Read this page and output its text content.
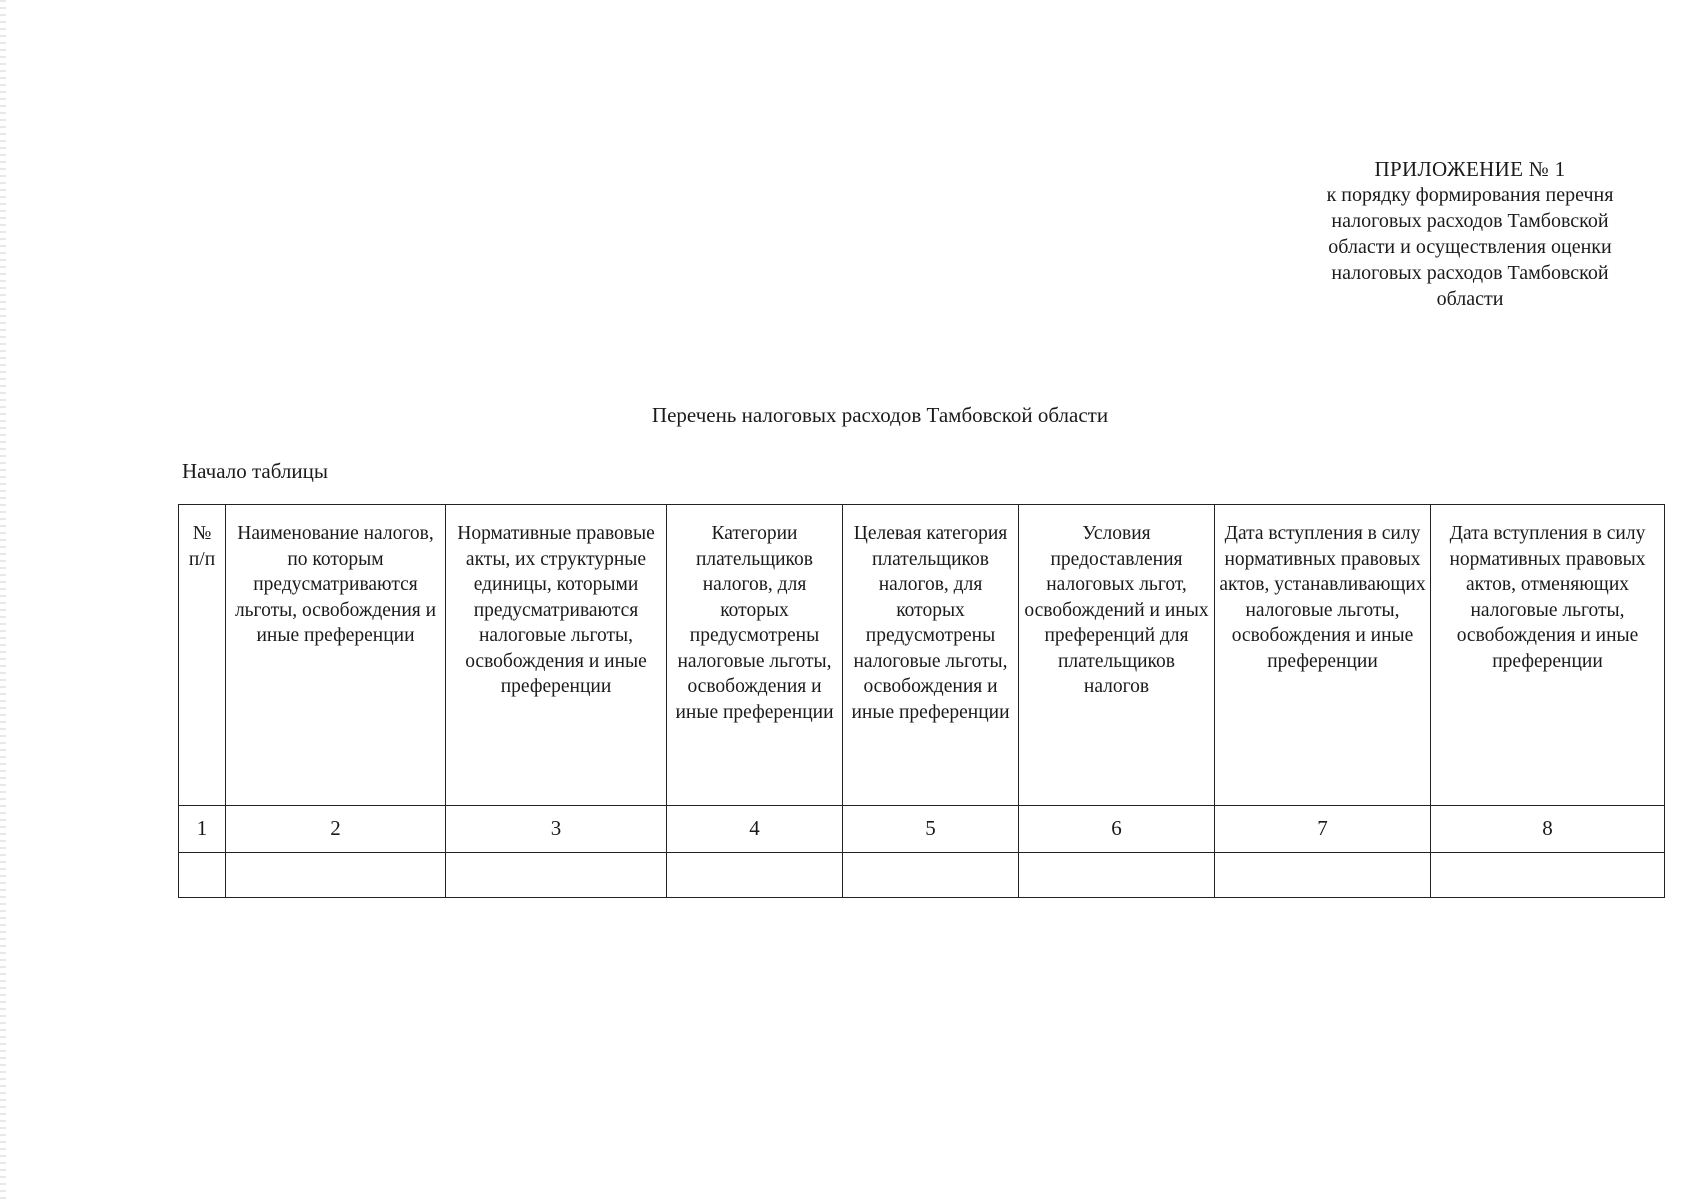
ПРИЛОЖЕНИЕ № 1
к порядку формирования перечня
налоговых расходов Тамбовской
области и осуществления оценки
налоговых расходов Тамбовской
области
Перечень налоговых расходов Тамбовской области
Начало таблицы
№ п/п	Наименование налогов, по которым предусматриваются льготы, освобождения и иные преференции	Нормативные правовые акты, их структурные единицы, которыми предусматриваются налоговые льготы, освобождения и иные преференции	Категории плательщиков налогов, для которых предусмотрены налоговые льготы, освобождения и иные преференции	Целевая категория плательщиков налогов, для которых предусмотрены налоговые льготы, освобождения и иные преференции	Условия предоставления налоговых льгот, освобождений и иных преференций для плательщиков налогов	Дата вступления в силу нормативных правовых актов, устанавливающих налоговые льготы, освобождения и иные преференции	Дата вступления в силу нормативных правовых актов, отменяющих налоговые льготы, освобождения и иные преференции

1	2	3	4	5	6	7	8
